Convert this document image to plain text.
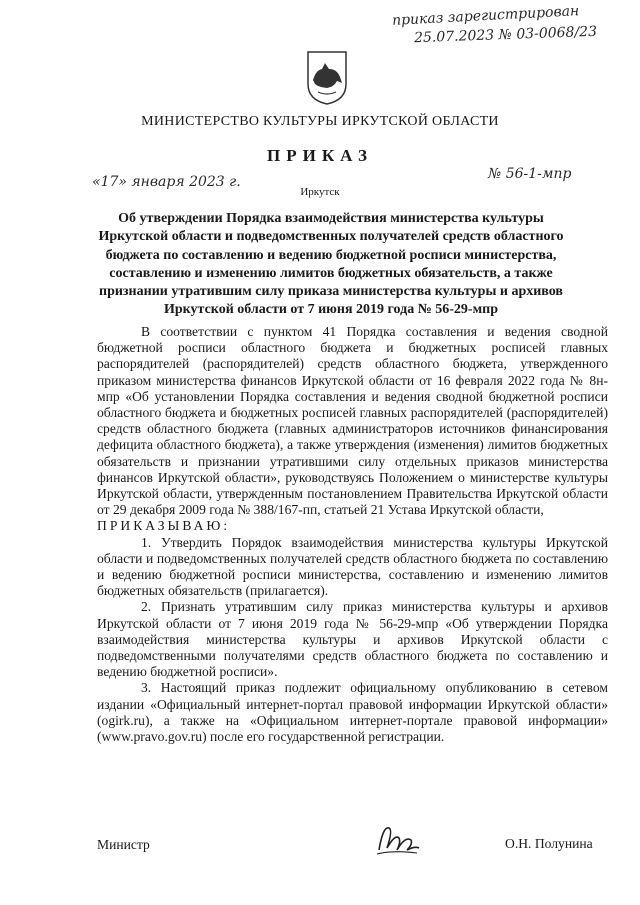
приказ зарегистрирован
25.07.2023 № 03-0068/23
МИНИСТЕРСТВО КУЛЬТУРЫ ИРКУТСКОЙ ОБЛАСТИ
ПРИКАЗ
«17» января 2023 г.	№ 56-1-мпр
Иркутск
Об утверждении Порядка взаимодействия министерства культуры Иркутской области и подведомственных получателей средств областного бюджета по составлению и ведению бюджетной росписи министерства, составлению и изменению лимитов бюджетных обязательств, а также признании утратившим силу приказа министерства культуры и архивов Иркутской области от 7 июня 2019 года № 56-29-мпр

В соответствии с пунктом 41 Порядка составления и ведения сводной бюджетной росписи областного бюджета и бюджетных росписей главных распорядителей (распорядителей) средств областного бюджета, утвержденного приказом министерства финансов Иркутской области от 16 февраля 2022 года № 8н-мпр «Об установлении Порядка составления и ведения сводной бюджетной росписи областного бюджета и бюджетных росписей главных распорядителей (распорядителей) средств областного бюджета (главных администраторов источников финансирования дефицита областного бюджета), а также утверждения (изменения) лимитов бюджетных обязательств и признании утратившими силу отдельных приказов министерства финансов Иркутской области», руководствуясь Положением о министерстве культуры Иркутской области, утвержденным постановлением Правительства Иркутской области от 29 декабря 2009 года № 388/167-пп, статьей 21 Устава Иркутской области,

ПРИКАЗЫВАЮ:

1. Утвердить Порядок взаимодействия министерства культуры Иркутской области и подведомственных получателей средств областного бюджета по составлению и ведению бюджетной росписи министерства, составлению и изменению лимитов бюджетных обязательств (прилагается).

2. Признать утратившим силу приказ министерства культуры и архивов Иркутской области от 7 июня 2019 года № 56-29-мпр «Об утверждении Порядка взаимодействия министерства культуры и архивов Иркутской области с подведомственными получателями средств областного бюджета по составлению и ведению бюджетной росписи».

3. Настоящий приказ подлежит официальному опубликованию в сетевом издании «Официальный интернет-портал правовой информации Иркутской области» (ogirk.ru), а также на «Официальном интернет-портале правовой информации» (www.pravo.gov.ru) после его государственной регистрации.

Министр	О.Н. Полунина
